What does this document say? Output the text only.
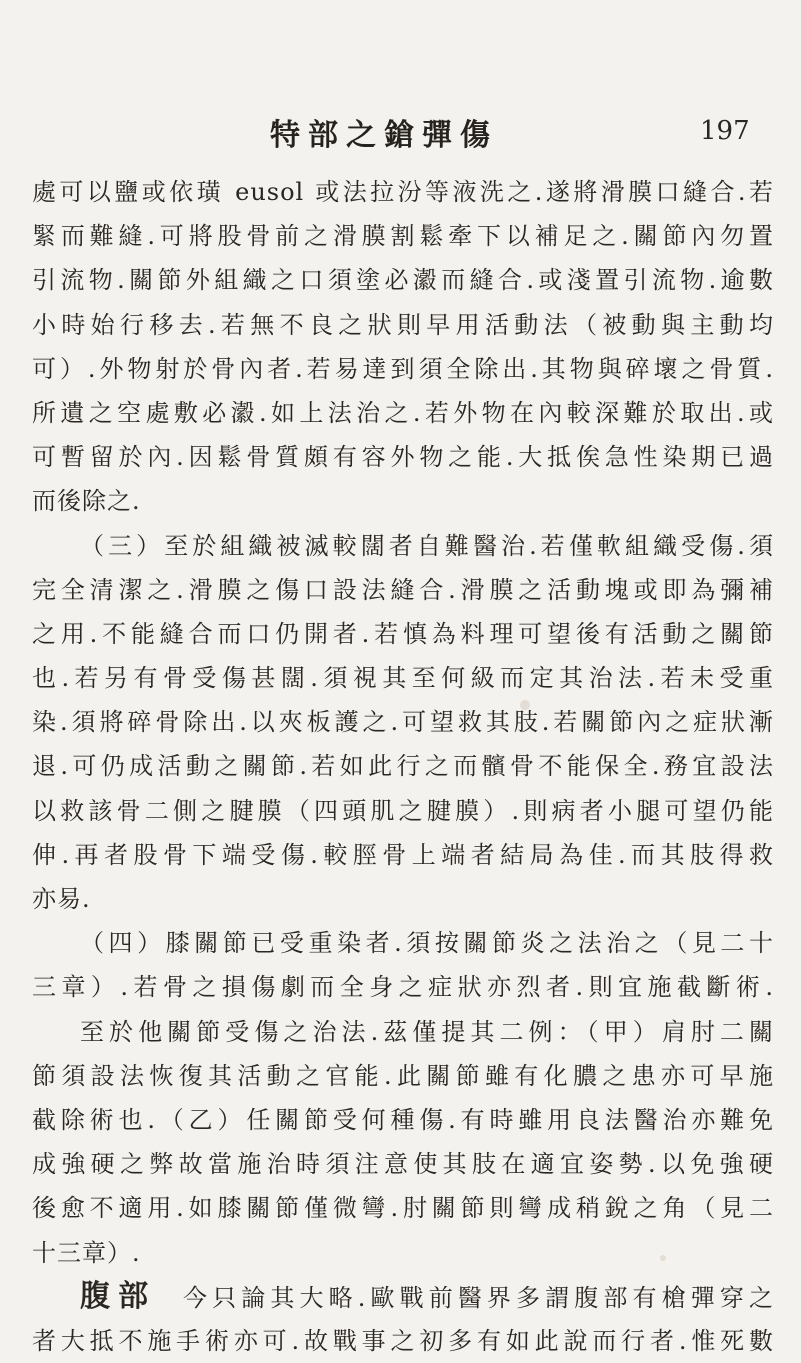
特部之鎗彈傷	197
處可以鹽或依璜 eusol 或法拉汾等液洗之.遂將滑膜口縫合.若
緊而難縫.可將股骨前之滑膜割鬆牽下以補足之.關節內勿置
引流物.關節外組織之口須塗必瀫而縫合.或淺置引流物.逾數
小時始行移去.若無不良之狀則早用活動法（被動與主動均
可）.外物射於骨內者.若易達到須全除出.其物與碎壞之骨質.
所遺之空處敷必瀫.如上法治之.若外物在內較深難於取出.或
可暫留於內.因鬆骨質頗有容外物之能.大抵俟急性染期已過
而後除之.
（三）至於組織被滅較闊者自難醫治.若僅軟組織受傷.須
完全清潔之.滑膜之傷口設法縫合.滑膜之活動塊或即為彌補
之用.不能縫合而口仍開者.若慎為料理可望後有活動之關節
也.若另有骨受傷甚闊.須視其至何級而定其治法.若未受重
染.須將碎骨除出.以夾板護之.可望救其肢.若關節內之症狀漸
退.可仍成活動之關節.若如此行之而髕骨不能保全.務宜設法
以救該骨二側之腱膜（四頭肌之腱膜）.則病者小腿可望仍能
伸.再者股骨下端受傷.較脛骨上端者結局為佳.而其肢得救
亦易.
（四）膝關節已受重染者.須按關節炎之法治之（見二十
三章）.若骨之損傷劇而全身之症狀亦烈者.則宜施截斷術.
至於他關節受傷之治法.茲僅提其二例：（甲）肩肘二關
節須設法恢復其活動之官能.此關節雖有化膿之患亦可早施
截除術也.（乙）任關節受何種傷.有時雖用良法醫治亦難免
成強硬之弊故當施治時須注意使其肢在適宜姿勢.以免強硬
後愈不適用.如膝關節僅微彎.肘關節則彎成稍銳之角（見二
十三章）.
腹部 今只論其大略.歐戰前醫界多謂腹部有槍彈穿之
者大抵不施手術亦可.故戰事之初多有如此說而行者.惟死數
